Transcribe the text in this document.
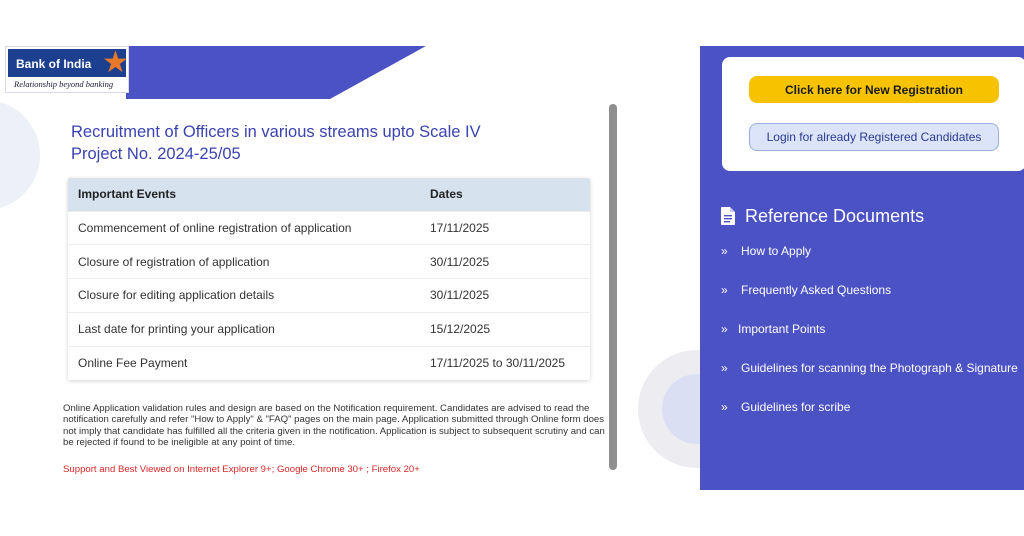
Bank of India ★
Relationship beyond banking
Recruitment of Officers in various streams upto Scale IV
Project No. 2024-25/05
Important Events	Dates
Commencement of online registration of application	17/11/2025
Closure of registration of application	30/11/2025
Closure for editing application details	30/11/2025
Last date for printing your application	15/12/2025
Online Fee Payment	17/11/2025 to 30/11/2025
Online Application validation rules and design are based on the Notification requirement. Candidates are advised to read the notification carefully and refer "How to Apply" & "FAQ" pages on the main page. Application submitted through Online form does not imply that candidate has fulfilled all the criteria given in the notification. Application is subject to subsequent scrutiny and can be rejected if found to be ineligible at any point of time.
Support and Best Viewed on Internet Explorer 9+; Google Chrome 30+ ; Firefox 20+
Click here for New Registration
Login for already Registered Candidates
Reference Documents
» How to Apply
» Frequently Asked Questions
» Important Points
» Guidelines for scanning the Photograph & Signature
» Guidelines for scribe
